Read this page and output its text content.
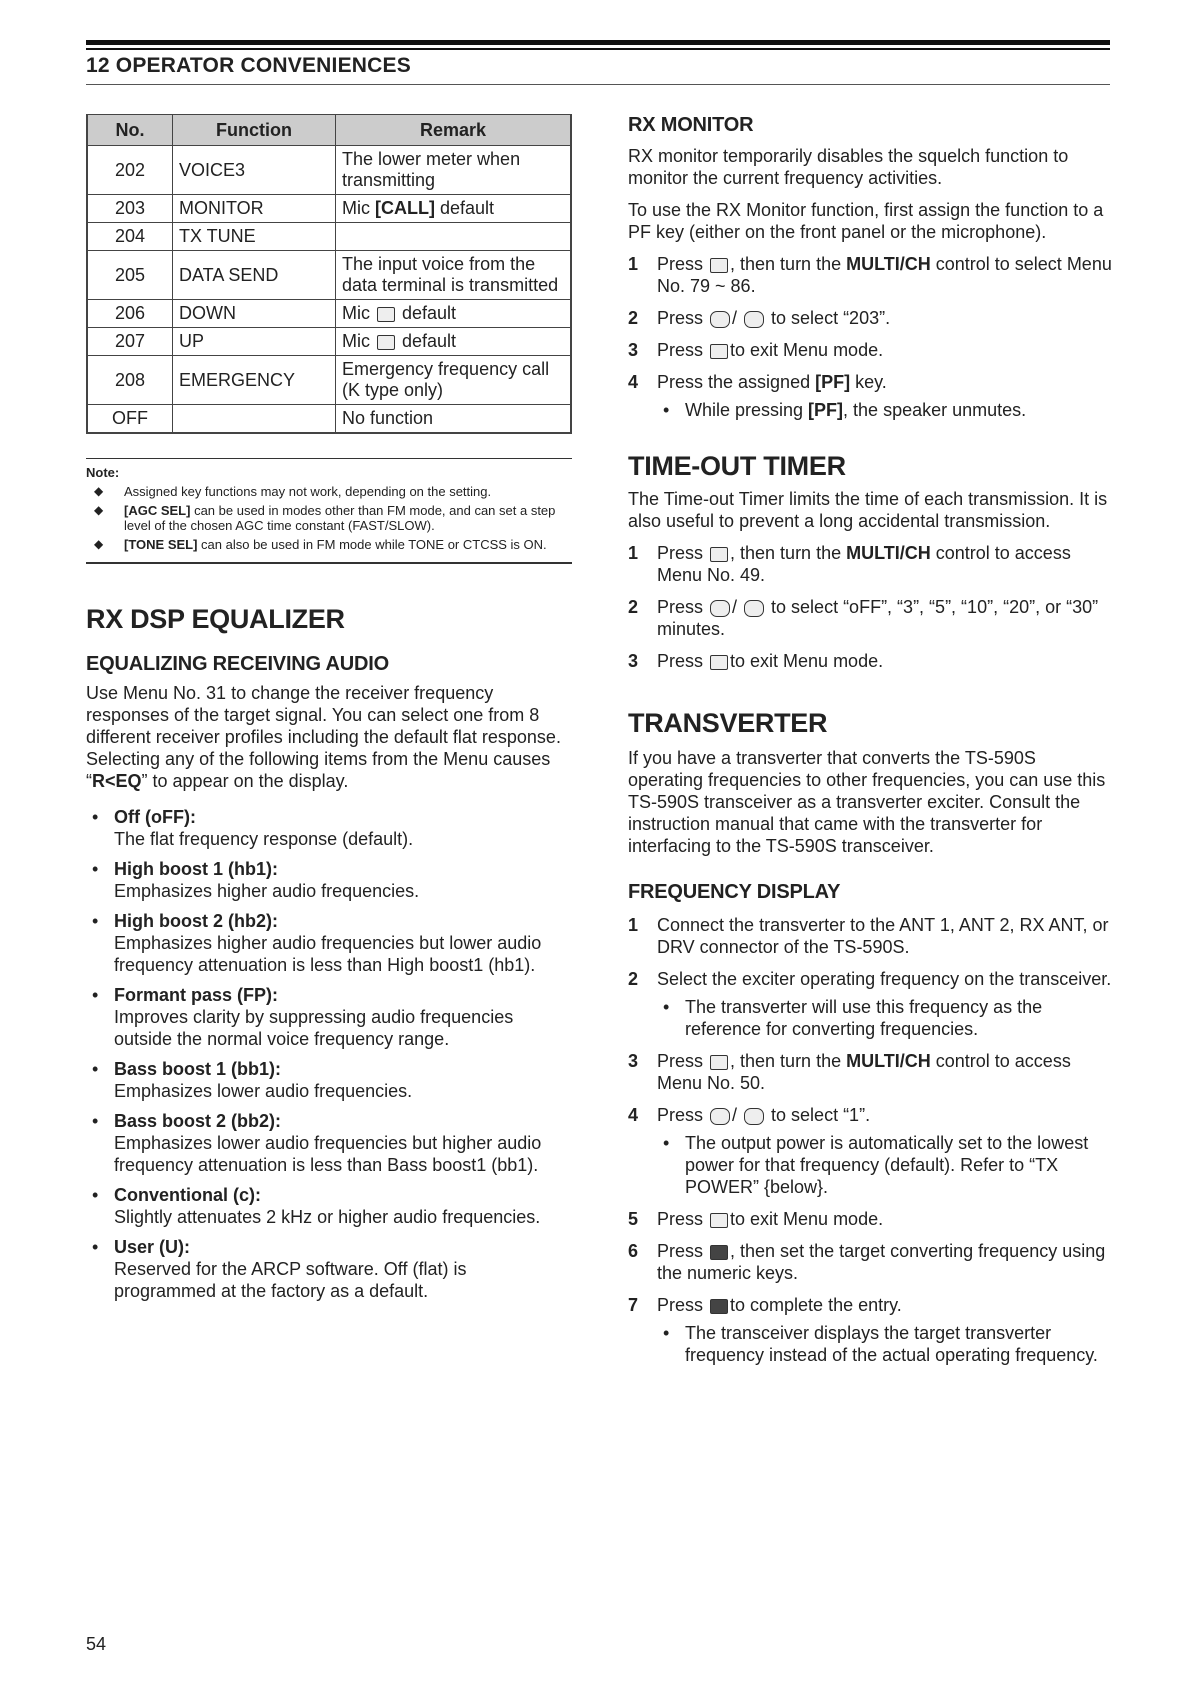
12 OPERATOR CONVENIENCES
No.	Function	Remark
202	VOICE3	The lower meter when transmitting
203	MONITOR	Mic [CALL] default
204	TX TUNE	
205	DATA SEND	The input voice from the data terminal is transmitted
206	DOWN	Mic  default
207	UP	Mic  default
208	EMERGENCY	Emergency frequency call (K type only)
OFF		No function
Note:
◆ Assigned key functions may not work, depending on the setting.
◆ [AGC SEL] can be used in modes other than FM mode, and can set a step level of the chosen AGC time constant (FAST/SLOW).
◆ [TONE SEL] can also be used in FM mode while TONE or CTCSS is ON.
RX DSP EQUALIZER
EQUALIZING RECEIVING AUDIO

Use Menu No. 31 to change the receiver frequency responses of the target signal. You can select one from 8 different receiver profiles including the default flat response. Selecting any of the following items from the Menu causes “R<EQ” to appear on the display.

• Off (oFF):
The flat frequency response (default).
• High boost 1 (hb1):
Emphasizes higher audio frequencies.
• High boost 2 (hb2):
Emphasizes higher audio frequencies but lower audio frequency attenuation is less than High boost1 (hb1).
• Formant pass (FP):
Improves clarity by suppressing audio frequencies outside the normal voice frequency range.
• Bass boost 1 (bb1):
Emphasizes lower audio frequencies.
• Bass boost 2 (bb2):
Emphasizes lower audio frequencies but higher audio frequency attenuation is less than Bass boost1 (bb1).
• Conventional (c):
Slightly attenuates 2 kHz or higher audio frequencies.
• User (U):
Reserved for the ARCP software. Off (flat) is programmed at the factory as a default.
RX MONITOR

RX monitor temporarily disables the squelch function to monitor the current frequency activities.

To use the RX Monitor function, first assign the function to a PF key (either on the front panel or the microphone).

1 Press , then turn the MULTI/CH control to select Menu No. 79 ~ 86.
2 Press /  to select “203”.
3 Press to exit Menu mode.
4 Press the assigned [PF] key.
• While pressing [PF], the speaker unmutes.
TIME-OUT TIMER

The Time-out Timer limits the time of each transmission. It is also useful to prevent a long accidental transmission.

1 Press , then turn the MULTI/CH control to access Menu No. 49.
2 Press /  to select “oFF”, “3”, “5”, “10”, “20”, or “30” minutes.
3 Press to exit Menu mode.
TRANSVERTER

If you have a transverter that converts the TS-590S operating frequencies to other frequencies, you can use this TS-590S transceiver as a transverter exciter. Consult the instruction manual that came with the transverter for interfacing to the TS-590S transceiver.

FREQUENCY DISPLAY
1 Connect the transverter to the ANT 1, ANT 2, RX ANT, or DRV connector of the TS-590S.
2 Select the exciter operating frequency on the transceiver.
• The transverter will use this frequency as the reference for converting frequencies.
3 Press , then turn the MULTI/CH control to access Menu No. 50.
4 Press /  to select “1”.
• The output power is automatically set to the lowest power for that frequency (default). Refer to “TX POWER” {below}.
5 Press to exit Menu mode.
6 Press , then set the target converting frequency using the numeric keys.
7 Press to complete the entry.
• The transceiver displays the target transverter frequency instead of the actual operating frequency.
54
